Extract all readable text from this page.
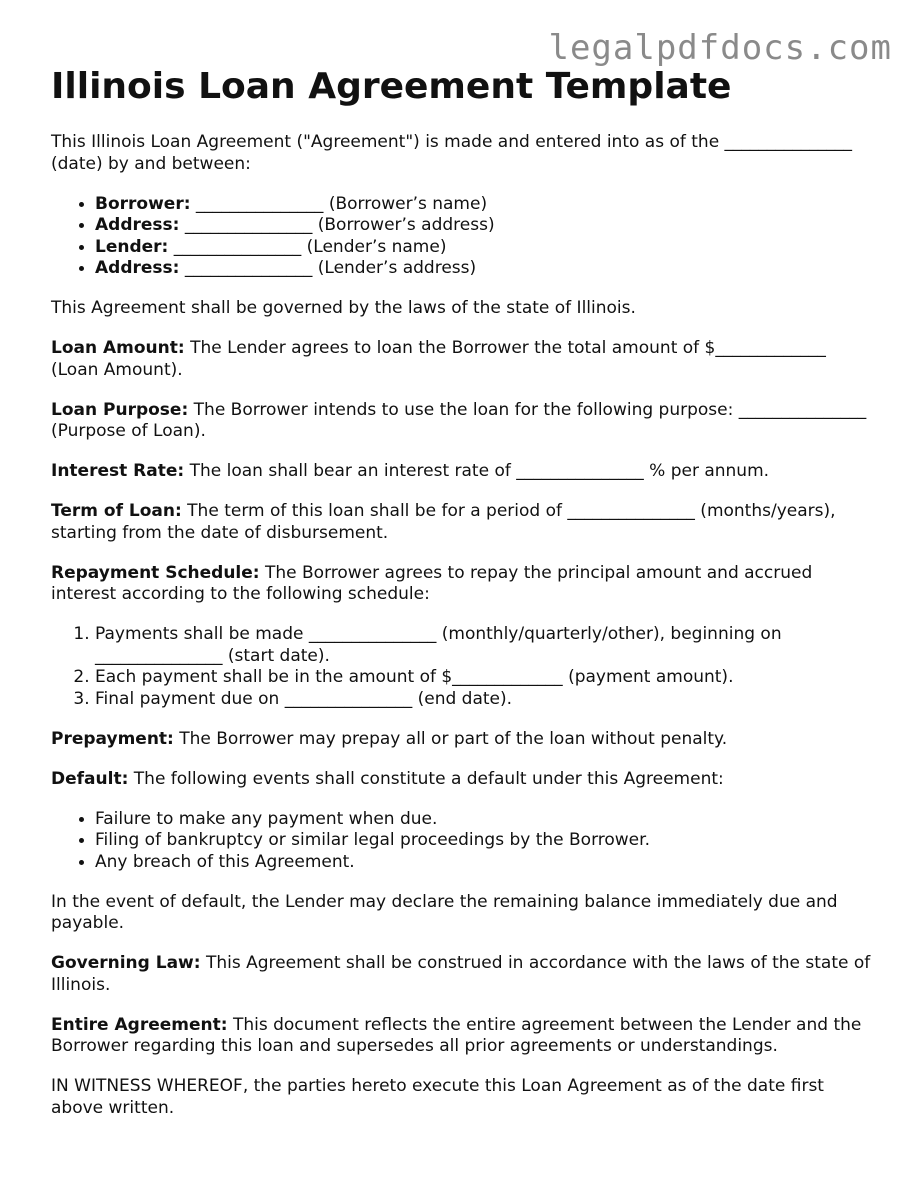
legalpdfdocs.com
Illinois Loan Agreement Template

This Illinois Loan Agreement ("Agreement") is made and entered into as of the _______________ (date) by and between:

• Borrower: _______________ (Borrower’s name)
• Address: _______________ (Borrower’s address)
• Lender: _______________ (Lender’s name)
• Address: _______________ (Lender’s address)

This Agreement shall be governed by the laws of the state of Illinois.

Loan Amount: The Lender agrees to loan the Borrower the total amount of $_____________ (Loan Amount).

Loan Purpose: The Borrower intends to use the loan for the following purpose: _______________ (Purpose of Loan).

Interest Rate: The loan shall bear an interest rate of _______________ % per annum.

Term of Loan: The term of this loan shall be for a period of _______________ (months/years), starting from the date of disbursement.

Repayment Schedule: The Borrower agrees to repay the principal amount and accrued interest according to the following schedule:

1. Payments shall be made _______________ (monthly/quarterly/other), beginning on _______________ (start date).
2. Each payment shall be in the amount of $_____________ (payment amount).
3. Final payment due on _______________ (end date).

Prepayment: The Borrower may prepay all or part of the loan without penalty.

Default: The following events shall constitute a default under this Agreement:

• Failure to make any payment when due.
• Filing of bankruptcy or similar legal proceedings by the Borrower.
• Any breach of this Agreement.

In the event of default, the Lender may declare the remaining balance immediately due and payable.

Governing Law: This Agreement shall be construed in accordance with the laws of the state of Illinois.

Entire Agreement: This document reflects the entire agreement between the Lender and the Borrower regarding this loan and supersedes all prior agreements or understandings.

IN WITNESS WHEREOF, the parties hereto execute this Loan Agreement as of the date first above written.
